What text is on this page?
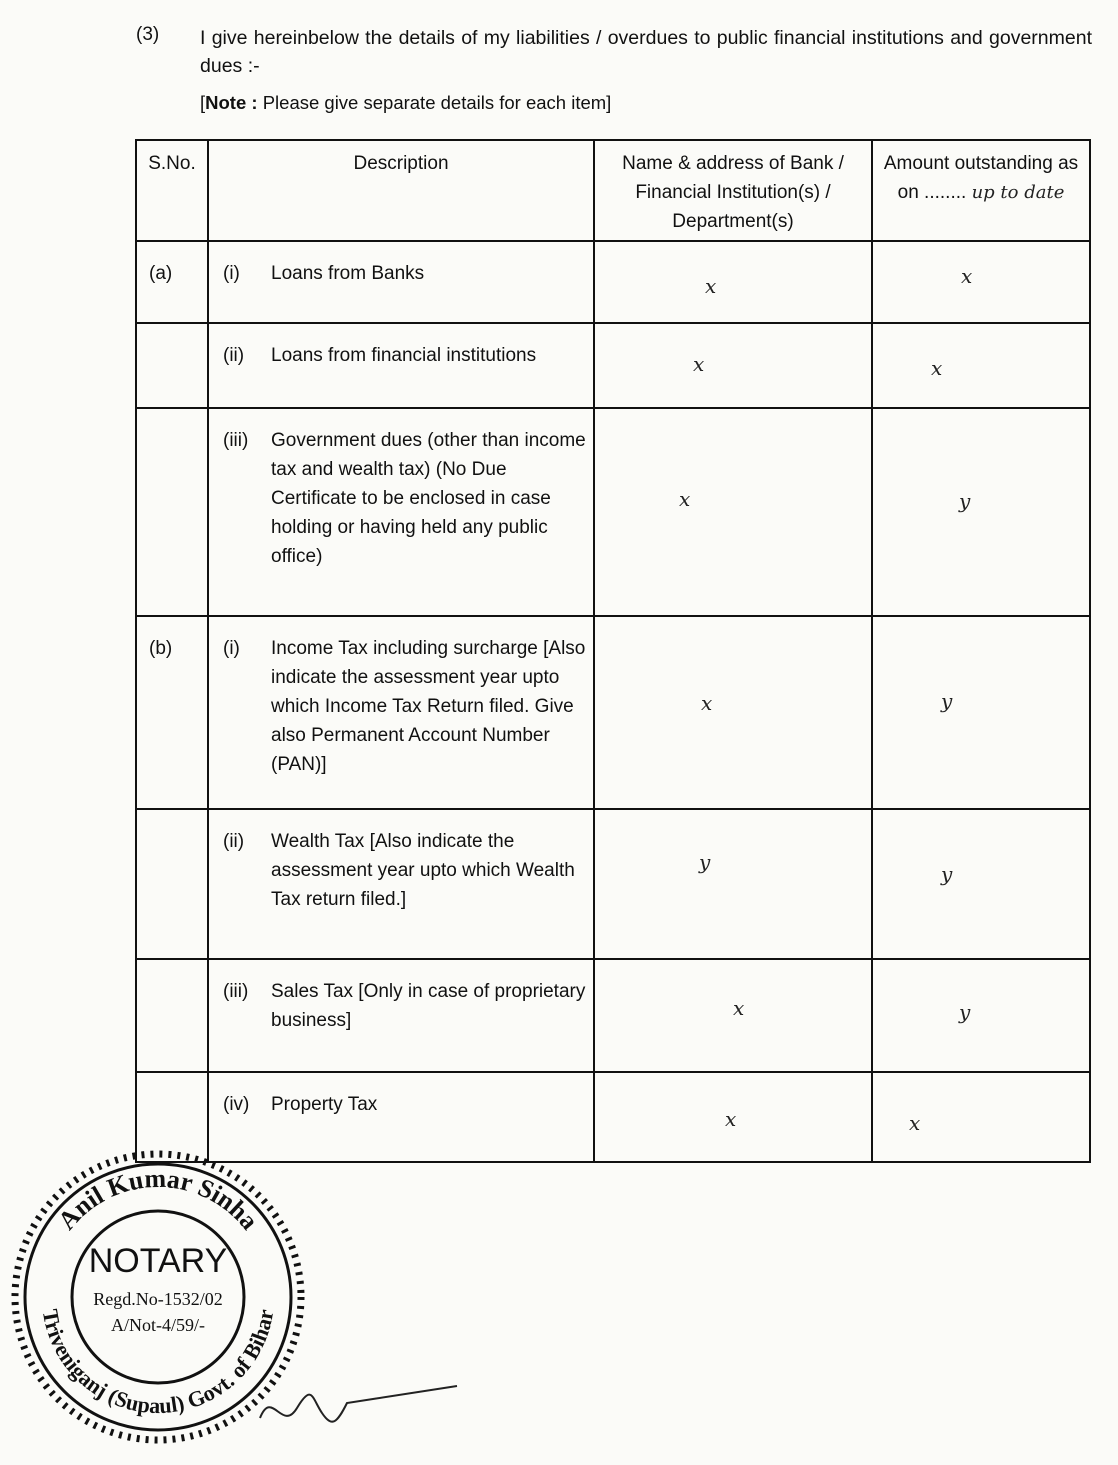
(3) I give hereinbelow the details of my liabilities / overdues to public financial institutions and government dues :-
[Note : Please give separate details for each item]
S.No.	Description	Name & address of Bank / Financial Institution(s) / Department(s)	Amount outstanding as on ........ up to date
(a)	(i) Loans from Banks	x	x

	(ii) Loans from financial institutions	x	x

	(iii) Government dues (other than income tax and wealth tax) (No Due Certificate to be enclosed in case holding or having held any public office)	x	y

(b)	(i) Income Tax including surcharge [Also indicate the assessment year upto which Income Tax Return filed. Give also Permanent Account Number (PAN)]	x	y

	(ii) Wealth Tax [Also indicate the assessment year upto which Wealth Tax return filed.]	y	y

	(iii) Sales Tax [Only in case of proprietary business]	x	y

	(iv) Property Tax	x	x
Anil Kumar Sinha
Triveniganj (Supaul) Govt. of Bihar
NOTARY
Regd.No-1532/02
A/Not-4/59/-
